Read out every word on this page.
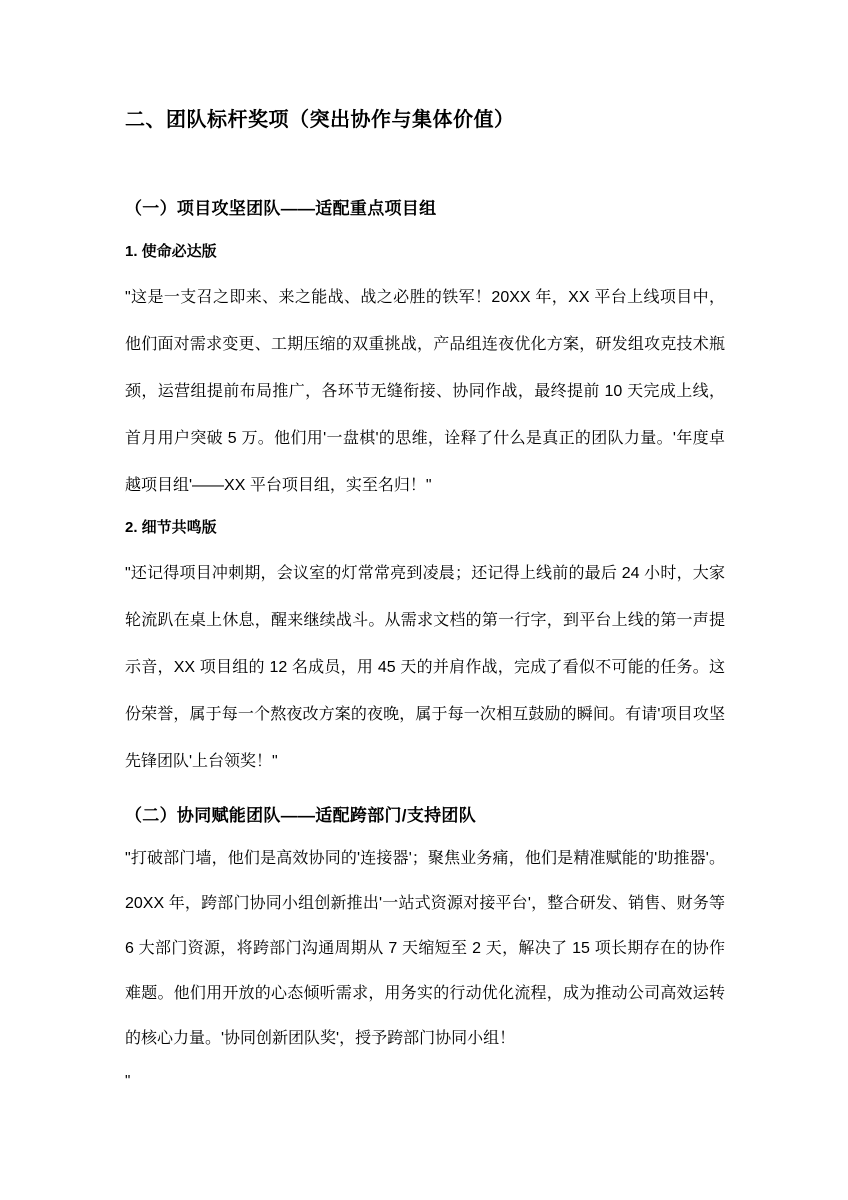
二、团队标杆奖项（突出协作与集体价值）
（一）项目攻坚团队——适配重点项目组
1. 使命必达版

"这是一支召之即来、来之能战、战之必胜的铁军！20XX 年，XX 平台上线项目中，他们面对需求变更、工期压缩的双重挑战，产品组连夜优化方案，研发组攻克技术瓶颈，运营组提前布局推广，各环节无缝衔接、协同作战，最终提前 10 天完成上线，首月用户突破 5 万。他们用'一盘棋'的思维，诠释了什么是真正的团队力量。'年度卓越项目组'——XX 平台项目组，实至名归！"

2. 细节共鸣版

"还记得项目冲刺期，会议室的灯常常亮到凌晨；还记得上线前的最后 24 小时，大家轮流趴在桌上休息，醒来继续战斗。从需求文档的第一行字，到平台上线的第一声提示音，XX 项目组的 12 名成员，用 45 天的并肩作战，完成了看似不可能的任务。这份荣誉，属于每一个熬夜改方案的夜晚，属于每一次相互鼓励的瞬间。有请'项目攻坚先锋团队'上台领奖！"

（二）协同赋能团队——适配跨部门/支持团队

"打破部门墙，他们是高效协同的'连接器'；聚焦业务痛，他们是精准赋能的'助推器'。20XX 年，跨部门协同小组创新推出'一站式资源对接平台'，整合研发、销售、财务等 6 大部门资源，将跨部门沟通周期从 7 天缩短至 2 天，解决了 15 项长期存在的协作难题。他们用开放的心态倾听需求，用务实的行动优化流程，成为推动公司高效运转的核心力量。'协同创新团队奖'，授予跨部门协同小组！

"
